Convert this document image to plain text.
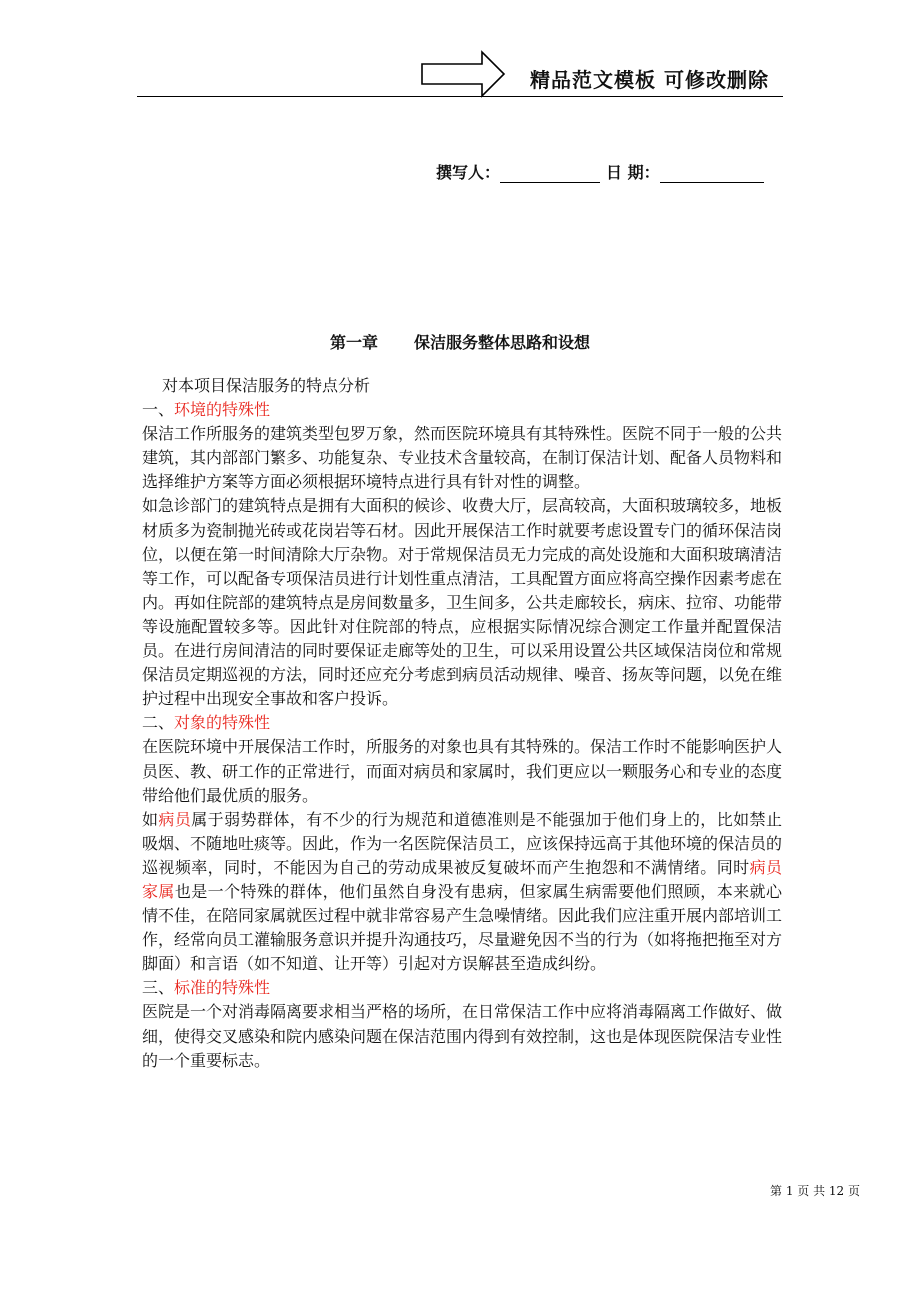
精品范文模板 可修改删除
撰写人：	日 期：
第一章 保洁服务整体思路和设想

对本项目保洁服务的特点分析

一、环境的特殊性

保洁工作所服务的建筑类型包罗万象，然而医院环境具有其特殊性。医院不同于一般的公共建筑，其内部部门繁多、功能复杂、专业技术含量较高，在制订保洁计划、配备人员物料和选择维护方案等方面必须根据环境特点进行具有针对性的调整。

如急诊部门的建筑特点是拥有大面积的候诊、收费大厅，层高较高，大面积玻璃较多，地板材质多为瓷制抛光砖或花岗岩等石材。因此开展保洁工作时就要考虑设置专门的循环保洁岗位，以便在第一时间清除大厅杂物。对于常规保洁员无力完成的高处设施和大面积玻璃清洁等工作，可以配备专项保洁员进行计划性重点清洁，工具配置方面应将高空操作因素考虑在内。再如住院部的建筑特点是房间数量多，卫生间多，公共走廊较长，病床、拉帘、功能带等设施配置较多等。因此针对住院部的特点，应根据实际情况综合测定工作量并配置保洁员。在进行房间清洁的同时要保证走廊等处的卫生，可以采用设置公共区域保洁岗位和常规保洁员定期巡视的方法，同时还应充分考虑到病员活动规律、噪音、扬灰等问题，以免在维护过程中出现安全事故和客户投诉。

二、对象的特殊性

在医院环境中开展保洁工作时，所服务的对象也具有其特殊的。保洁工作时不能影响医护人员医、教、研工作的正常进行，而面对病员和家属时，我们更应以一颗服务心和专业的态度带给他们最优质的服务。

如病员属于弱势群体，有不少的行为规范和道德准则是不能强加于他们身上的，比如禁止吸烟、不随地吐痰等。因此，作为一名医院保洁员工，应该保持远高于其他环境的保洁员的巡视频率，同时，不能因为自己的劳动成果被反复破坏而产生抱怨和不满情绪。同时病员家属也是一个特殊的群体，他们虽然自身没有患病，但家属生病需要他们照顾，本来就心情不佳，在陪同家属就医过程中就非常容易产生急噪情绪。因此我们应注重开展内部培训工作，经常向员工灌输服务意识并提升沟通技巧，尽量避免因不当的行为（如将拖把拖至对方脚面）和言语（如不知道、让开等）引起对方误解甚至造成纠纷。

三、标准的特殊性

医院是一个对消毒隔离要求相当严格的场所，在日常保洁工作中应将消毒隔离工作做好、做细，使得交叉感染和院内感染问题在保洁范围内得到有效控制，这也是体现医院保洁专业性的一个重要标志。

第 1 页 共 12 页
